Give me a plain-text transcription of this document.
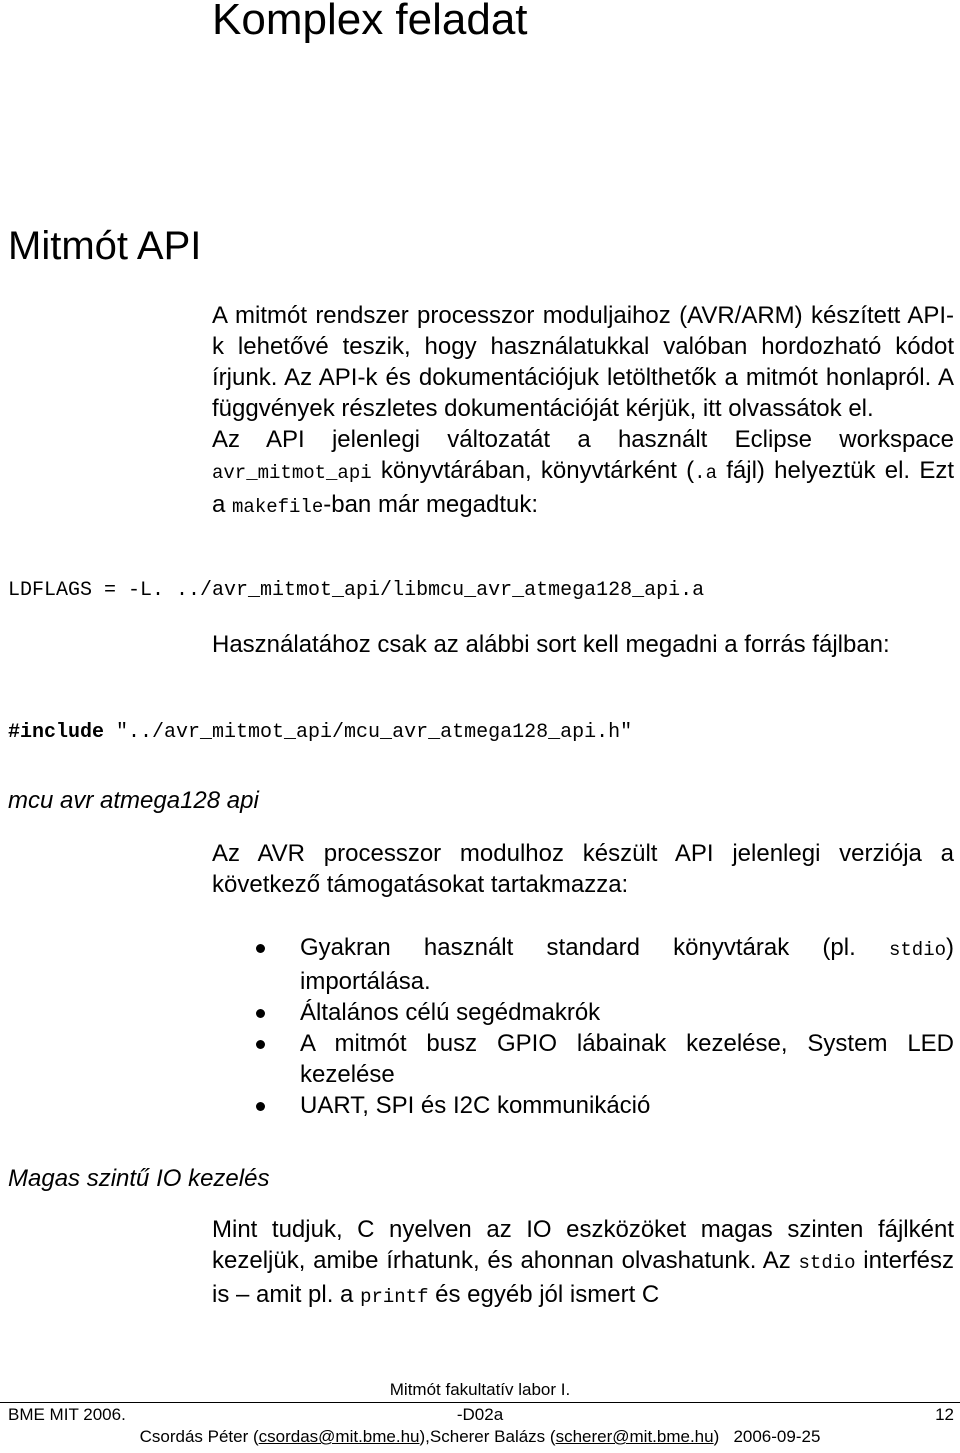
Komplex feladat
Mitmót API
A mitmót rendszer processzor moduljaihoz (AVR/ARM) készített API-k lehetővé teszik, hogy használatukkal valóban hordozható kódot írjunk. Az API-k és dokumentációjuk letölthetők a mitmót honlapról. A függvények részletes dokumentációját kérjük, itt olvassátok el.
Az API jelenlegi változatát a használt Eclipse workspace avr_mitmot_api könyvtárában, könyvtárként (.a fájl) helyeztük el. Ezt a makefile-ban már megadtuk:
LDFLAGS = -L. ../avr_mitmot_api/libmcu_avr_atmega128_api.a
Használatához csak az alábbi sort kell megadni a forrás fájlban:
#include "../avr_mitmot_api/mcu_avr_atmega128_api.h"
mcu avr atmega128 api
Az AVR processzor modulhoz készült API jelenlegi verziója a következő támogatásokat tartakmazza:
Gyakran használt standard könyvtárak (pl. stdio) importálása.
Általános célú segédmakrók
A mitmót busz GPIO lábainak kezelése, System LED kezelése
UART, SPI és I2C kommunikáció
Magas szintű IO kezelés
Mint tudjuk, C nyelven az IO eszközöket magas szinten fájlként kezeljük, amibe írhatunk, és ahonnan olvashatunk. Az stdio interfész is – amit pl. a printf és egyéb jól ismert C
Mitmót fakultatív labor I.
BME MIT 2006.	-D02a	12
Csordás Péter (csordas@mit.bme.hu),Scherer Balázs (scherer@mit.bme.hu) 2006-09-25
